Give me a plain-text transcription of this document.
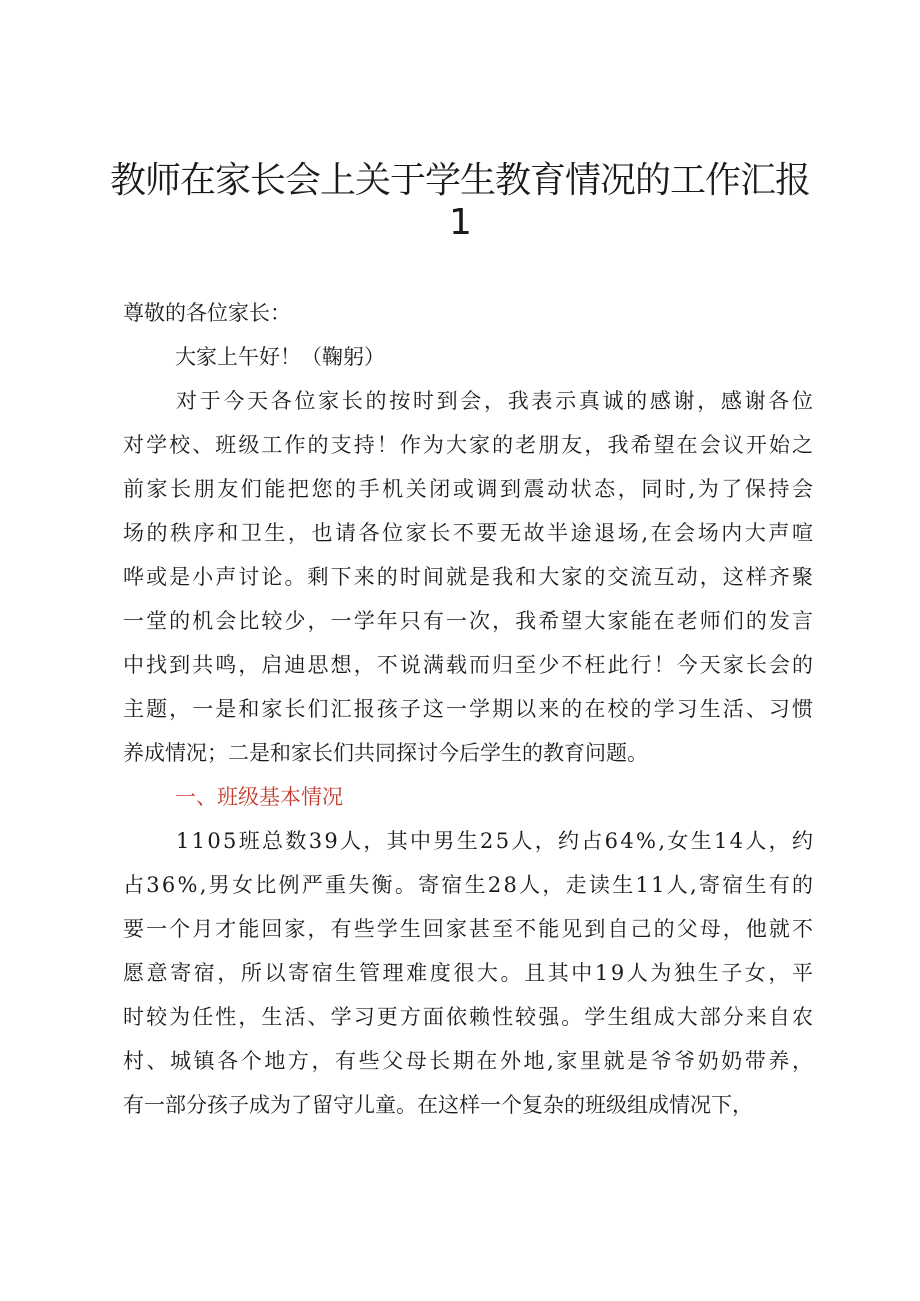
教师在家长会上关于学生教育情况的工作汇报
1
尊敬的各位家长：
大家上午好！（鞠躬）
对于今天各位家长的按时到会，我表示真诚的感谢，感谢各位
对学校、班级工作的支持！作为大家的老朋友，我希望在会议开始之
前家长朋友们能把您的手机关闭或调到震动状态，同时,为了保持会
场的秩序和卫生，也请各位家长不要无故半途退场,在会场内大声喧
哗或是小声讨论。剩下来的时间就是我和大家的交流互动，这样齐聚
一堂的机会比较少，一学年只有一次，我希望大家能在老师们的发言
中找到共鸣，启迪思想，不说满载而归至少不枉此行！今天家长会的
主题，一是和家长们汇报孩子这一学期以来的在校的学习生活、习惯
养成情况；二是和家长们共同探讨今后学生的教育问题。
一、班级基本情况
1105班总数39人，其中男生25人，约占64%,女生14人，约
占36%,男女比例严重失衡。寄宿生28人，走读生11人,寄宿生有的
要一个月才能回家，有些学生回家甚至不能见到自己的父母，他就不
愿意寄宿，所以寄宿生管理难度很大。且其中19人为独生子女，平
时较为任性，生活、学习更方面依赖性较强。学生组成大部分来自农
村、城镇各个地方，有些父母长期在外地,家里就是爷爷奶奶带养，
有一部分孩子成为了留守儿童。在这样一个复杂的班级组成情况下，
